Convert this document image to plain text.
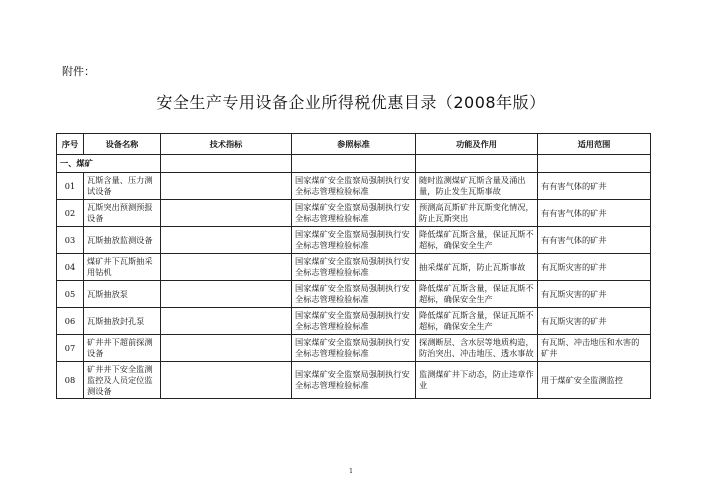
附件：
安全生产专用设备企业所得税优惠目录（2008年版）
序号	设备名称	技术指标	参照标准	功能及作用	适用范围
一、煤矿					
01	瓦斯含量、压力测试设备		国家煤矿安全监察局强制执行安全标志管理检验标准	随时监测煤矿瓦斯含量及涌出量，防止发生瓦斯事故	有有害气体的矿井
02	瓦斯突出预测预报设备		国家煤矿安全监察局强制执行安全标志管理检验标准	预测高瓦斯矿井瓦斯变化情况，防止瓦斯突出	有有害气体的矿井
03	瓦斯抽放监测设备		国家煤矿安全监察局强制执行安全标志管理检验标准	降低煤矿瓦斯含量，保证瓦斯不超标，确保安全生产	有有害气体的矿井
04	煤矿井下瓦斯抽采用钻机		国家煤矿安全监察局强制执行安全标志管理检验标准	抽采煤矿瓦斯，防止瓦斯事故	有瓦斯灾害的矿井
05	瓦斯抽放泵		国家煤矿安全监察局强制执行安全标志管理检验标准	降低煤矿瓦斯含量，保证瓦斯不超标，确保安全生产	有瓦斯灾害的矿井
06	瓦斯抽放封孔泵		国家煤矿安全监察局强制执行安全标志管理检验标准	降低煤矿瓦斯含量，保证瓦斯不超标，确保安全生产	有瓦斯灾害的矿井
07	矿井井下超前探测设备		国家煤矿安全监察局强制执行安全标志管理检验标准	探测断层、含水层等地质构造，防治突出、冲击地压、透水事故	有瓦斯、冲击地压和水害的矿井
08	矿井井下安全监测监控及人员定位监测设备		国家煤矿安全监察局强制执行安全标志管理检验标准	监测煤矿井下动态，防止违章作业	用于煤矿安全监测监控
1
